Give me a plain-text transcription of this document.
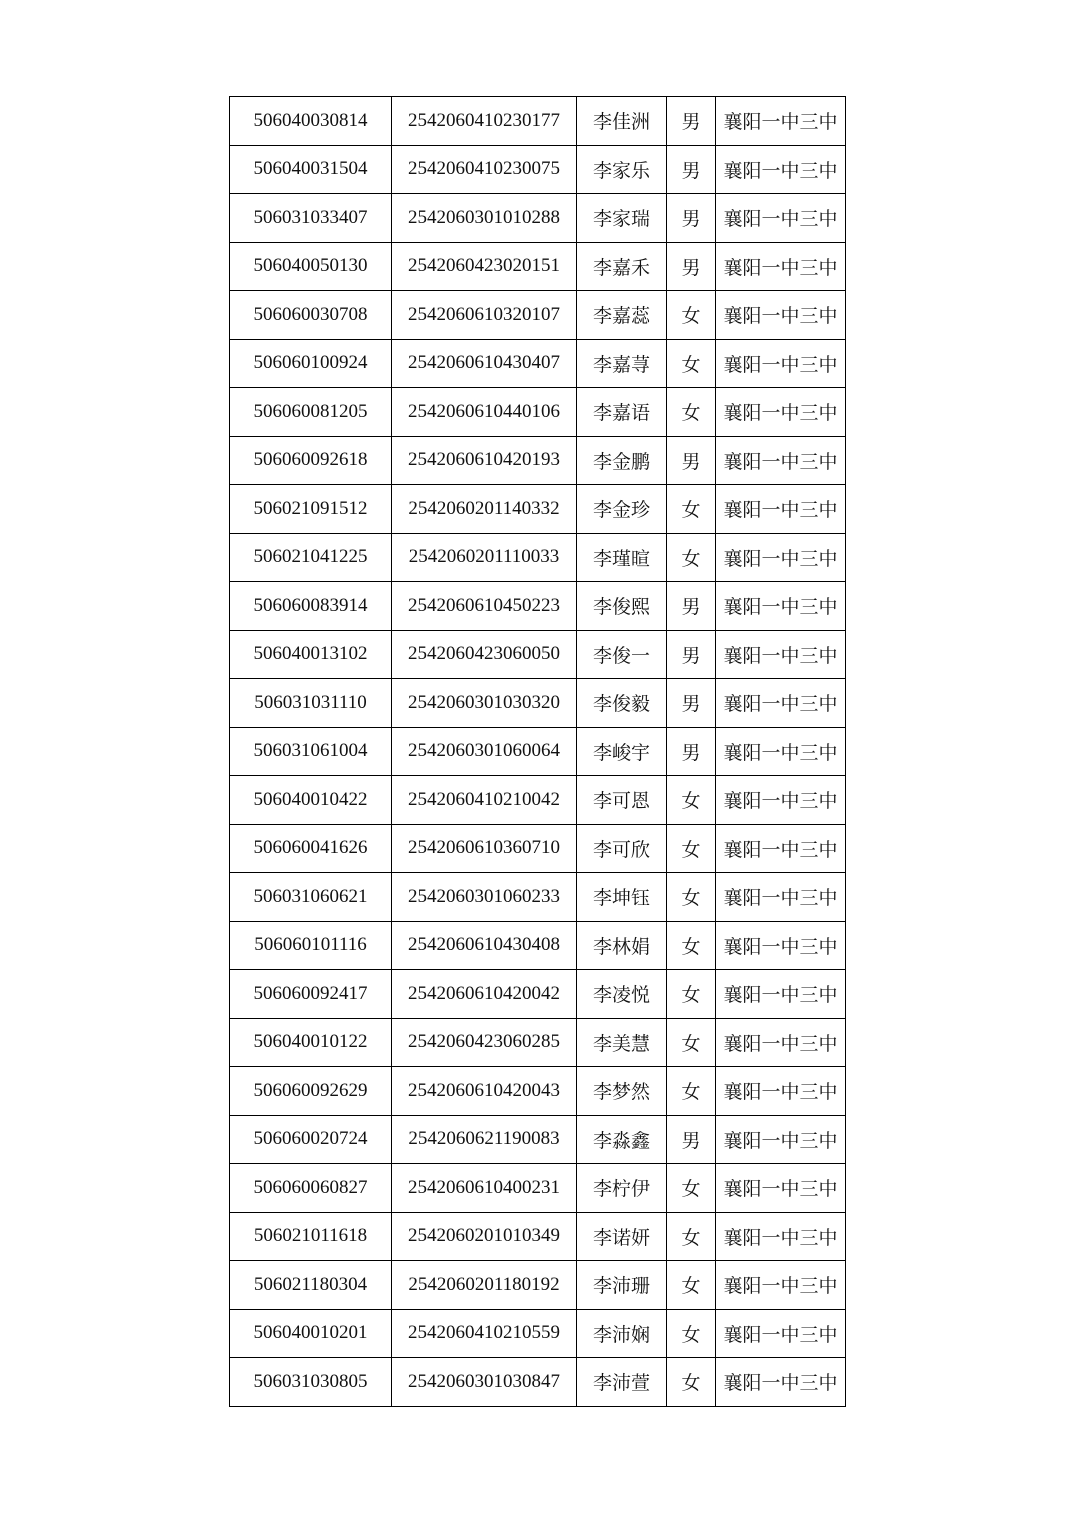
506040030814	2542060410230177	李佳洲	男	襄阳一中三中
506040031504	2542060410230075	李家乐	男	襄阳一中三中
506031033407	2542060301010288	李家瑞	男	襄阳一中三中
506040050130	2542060423020151	李嘉禾	男	襄阳一中三中
506060030708	2542060610320107	李嘉蕊	女	襄阳一中三中
506060100924	2542060610430407	李嘉荨	女	襄阳一中三中
506060081205	2542060610440106	李嘉语	女	襄阳一中三中
506060092618	2542060610420193	李金鹏	男	襄阳一中三中
506021091512	2542060201140332	李金珍	女	襄阳一中三中
506021041225	2542060201110033	李瑾暄	女	襄阳一中三中
506060083914	2542060610450223	李俊熙	男	襄阳一中三中
506040013102	2542060423060050	李俊一	男	襄阳一中三中
506031031110	2542060301030320	李俊毅	男	襄阳一中三中
506031061004	2542060301060064	李峻宇	男	襄阳一中三中
506040010422	2542060410210042	李可恩	女	襄阳一中三中
506060041626	2542060610360710	李可欣	女	襄阳一中三中
506031060621	2542060301060233	李坤钰	女	襄阳一中三中
506060101116	2542060610430408	李林娟	女	襄阳一中三中
506060092417	2542060610420042	李凌悦	女	襄阳一中三中
506040010122	2542060423060285	李美慧	女	襄阳一中三中
506060092629	2542060610420043	李梦然	女	襄阳一中三中
506060020724	2542060621190083	李淼鑫	男	襄阳一中三中
506060060827	2542060610400231	李柠伊	女	襄阳一中三中
506021011618	2542060201010349	李诺妍	女	襄阳一中三中
506021180304	2542060201180192	李沛珊	女	襄阳一中三中
506040010201	2542060410210559	李沛娴	女	襄阳一中三中
506031030805	2542060301030847	李沛萱	女	襄阳一中三中
